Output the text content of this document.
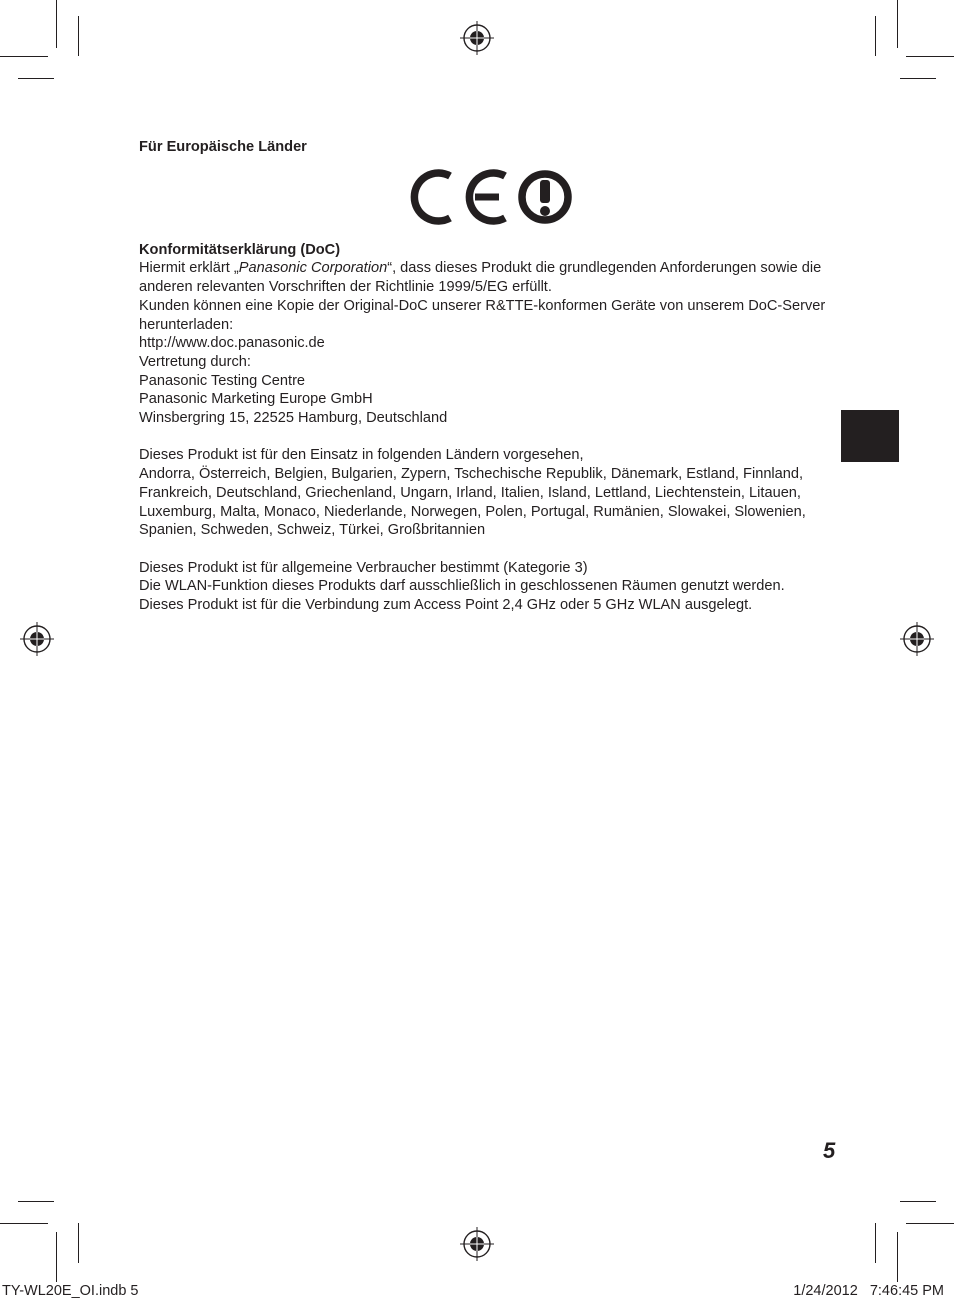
Für Europäische Länder

Konformitätserklärung (DoC)

Hiermit erklärt „Panasonic Corporation“, dass dieses Produkt die grundlegenden Anforderungen sowie die anderen relevanten Vorschriften der Richtlinie 1999/5/EG erfüllt.

Kunden können eine Kopie der Original-DoC unserer R&TTE-konformen Geräte von unserem DoC-Server herunterladen:

http://www.doc.panasonic.de

Vertretung durch:

Panasonic Testing Centre

Panasonic Marketing Europe GmbH

Winsbergring 15, 22525 Hamburg, Deutschland

Dieses Produkt ist für den Einsatz in folgenden Ländern vorgesehen,

Andorra, Österreich, Belgien, Bulgarien, Zypern, Tschechische Republik, Dänemark, Estland, Finnland, Frankreich, Deutschland, Griechenland, Ungarn, Irland, Italien, Island, Lettland, Liechtenstein, Litauen, Luxemburg, Malta, Monaco, Niederlande, Norwegen, Polen, Portugal, Rumänien, Slowakei, Slowenien, Spanien, Schweden, Schweiz, Türkei, Großbritannien

Dieses Produkt ist für allgemeine Verbraucher bestimmt (Kategorie 3)

Die WLAN-Funktion dieses Produkts darf ausschließlich in geschlossenen Räumen genutzt werden.

Dieses Produkt ist für die Verbindung zum Access Point 2,4 GHz oder 5 GHz WLAN ausgelegt.

5
TY-WL20E_OI.indb 5	1/24/2012   7:46:45 PM
